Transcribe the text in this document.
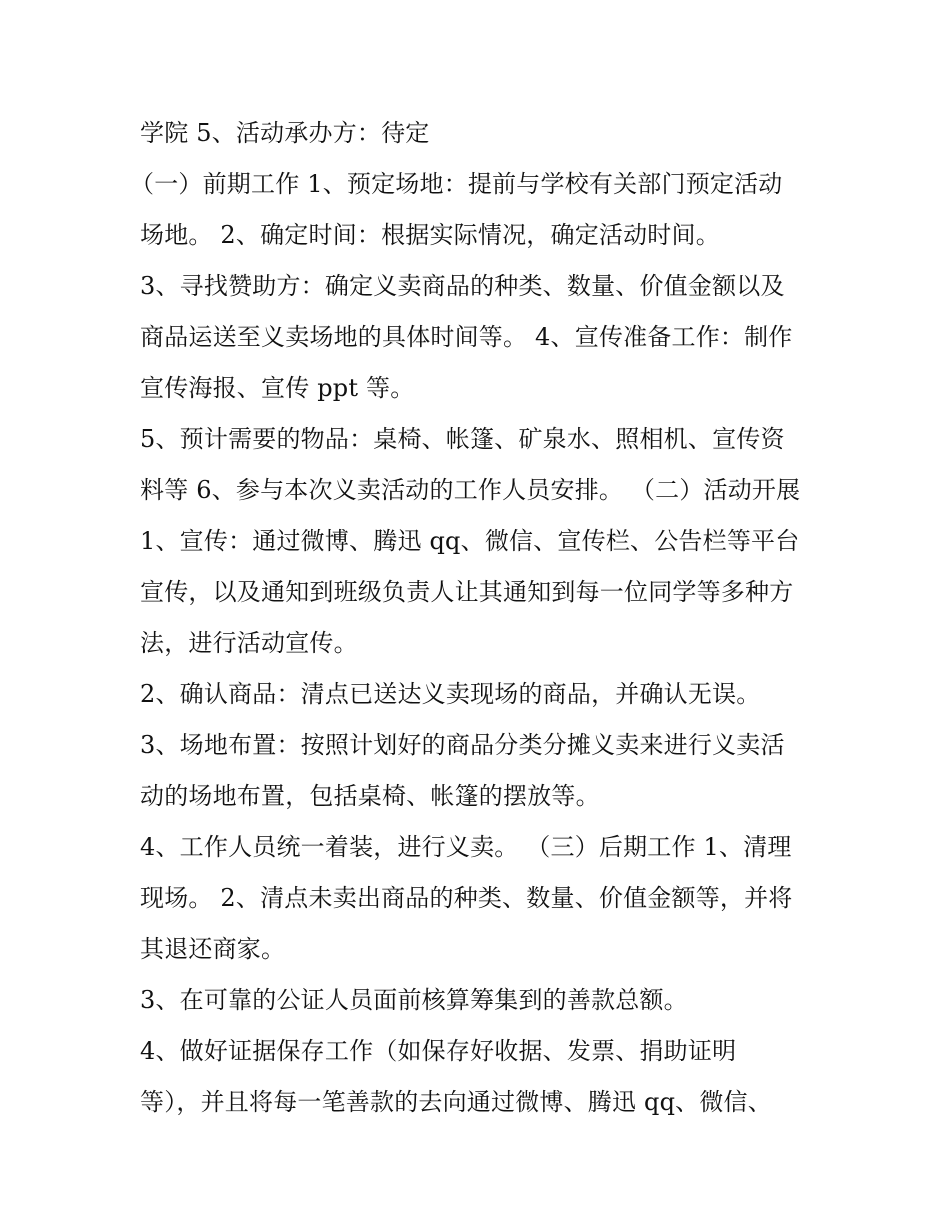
学院 5、活动承办方：待定
（一）前期工作 1、预定场地：提前与学校有关部门预定活动
场地。 2、确定时间：根据实际情况，确定活动时间。
3、寻找赞助方：确定义卖商品的种类、数量、价值金额以及
商品运送至义卖场地的具体时间等。 4、宣传准备工作：制作
宣传海报、宣传 ppt 等。
5、预计需要的物品：桌椅、帐篷、矿泉水、照相机、宣传资
料等 6、参与本次义卖活动的工作人员安排。 （二）活动开展
1、宣传：通过微博、腾迅 qq、微信、宣传栏、公告栏等平台
宣传，以及通知到班级负责人让其通知到每一位同学等多种方
法，进行活动宣传。
2、确认商品：清点已送达义卖现场的商品，并确认无误。
3、场地布置：按照计划好的商品分类分摊义卖来进行义卖活
动的场地布置，包括桌椅、帐篷的摆放等。
4、工作人员统一着装，进行义卖。 （三）后期工作 1、清理
现场。 2、清点未卖出商品的种类、数量、价值金额等，并将
其退还商家。
3、在可靠的公证人员面前核算筹集到的善款总额。
4、做好证据保存工作（如保存好收据、发票、捐助证明
等），并且将每一笔善款的去向通过微博、腾迅 qq、微信、
